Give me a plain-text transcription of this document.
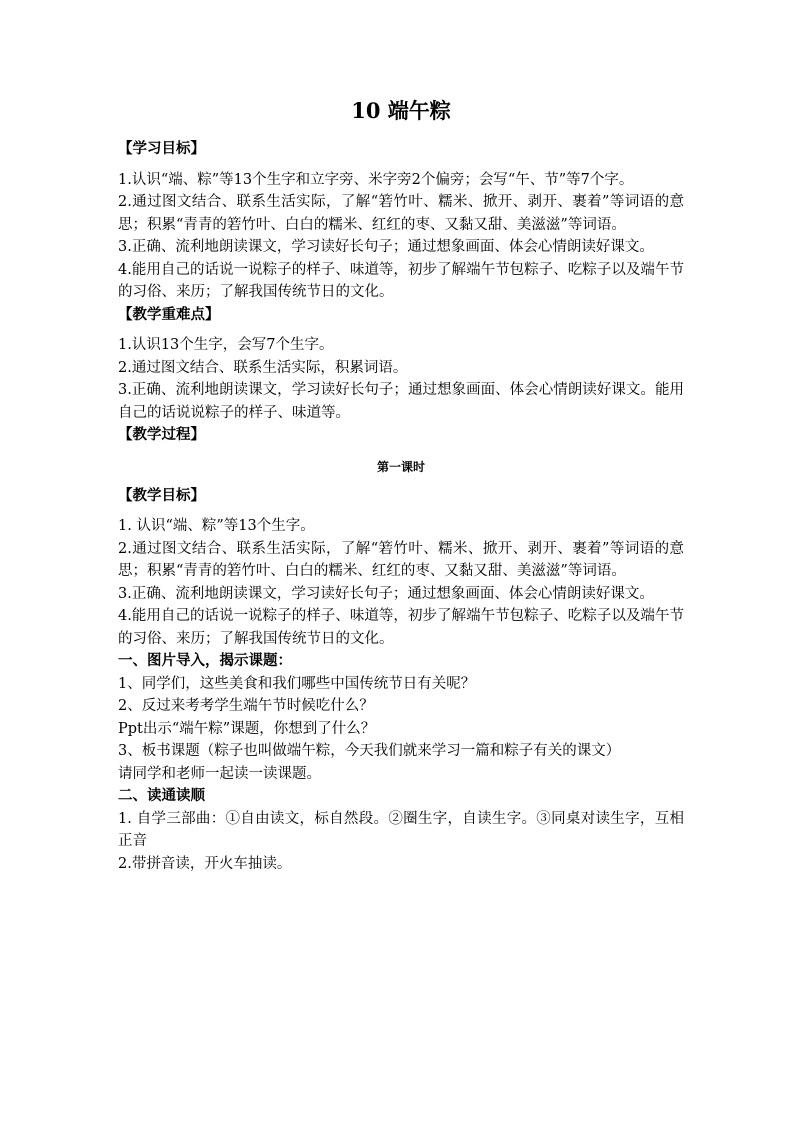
10 端午粽
【学习目标】
1.认识“端、粽”等13个生字和立字旁、米字旁2个偏旁；会写“午、节”等7个字。
2.通过图文结合、联系生活实际，了解“箬竹叶、糯米、掀开、剥开、裹着”等词语的意思；积累“青青的箬竹叶、白白的糯米、红红的枣、又黏又甜、美滋滋”等词语。
3.正确、流利地朗读课文，学习读好长句子；通过想象画面、体会心情朗读好课文。
4.能用自己的话说一说粽子的样子、味道等，初步了解端午节包粽子、吃粽子以及端午节的习俗、来历；了解我国传统节日的文化。
【教学重难点】
1.认识13个生字，会写7个生字。
2.通过图文结合、联系生活实际，积累词语。
3.正确、流利地朗读课文，学习读好长句子；通过想象画面、体会心情朗读好课文。能用自己的话说说粽子的样子、味道等。
【教学过程】
第一课时
【教学目标】
1. 认识“端、粽”等13个生字。
2.通过图文结合、联系生活实际，了解“箬竹叶、糯米、掀开、剥开、裹着”等词语的意思；积累“青青的箬竹叶、白白的糯米、红红的枣、又黏又甜、美滋滋”等词语。
3.正确、流利地朗读课文，学习读好长句子；通过想象画面、体会心情朗读好课文。
4.能用自己的话说一说粽子的样子、味道等，初步了解端午节包粽子、吃粽子以及端午节的习俗、来历；了解我国传统节日的文化。
一、图片导入，揭示课题：
1、同学们，这些美食和我们哪些中国传统节日有关呢？
2、反过来考考学生端午节时候吃什么？
Ppt出示“端午粽”课题，你想到了什么？
3、板书课题（粽子也叫做端午粽，今天我们就来学习一篇和粽子有关的课文）
请同学和老师一起读一读课题。
二、读通读顺
1. 自学三部曲：①自由读文，标自然段。②圈生字，自读生字。③同桌对读生字，互相正音
2.带拼音读，开火车抽读。
